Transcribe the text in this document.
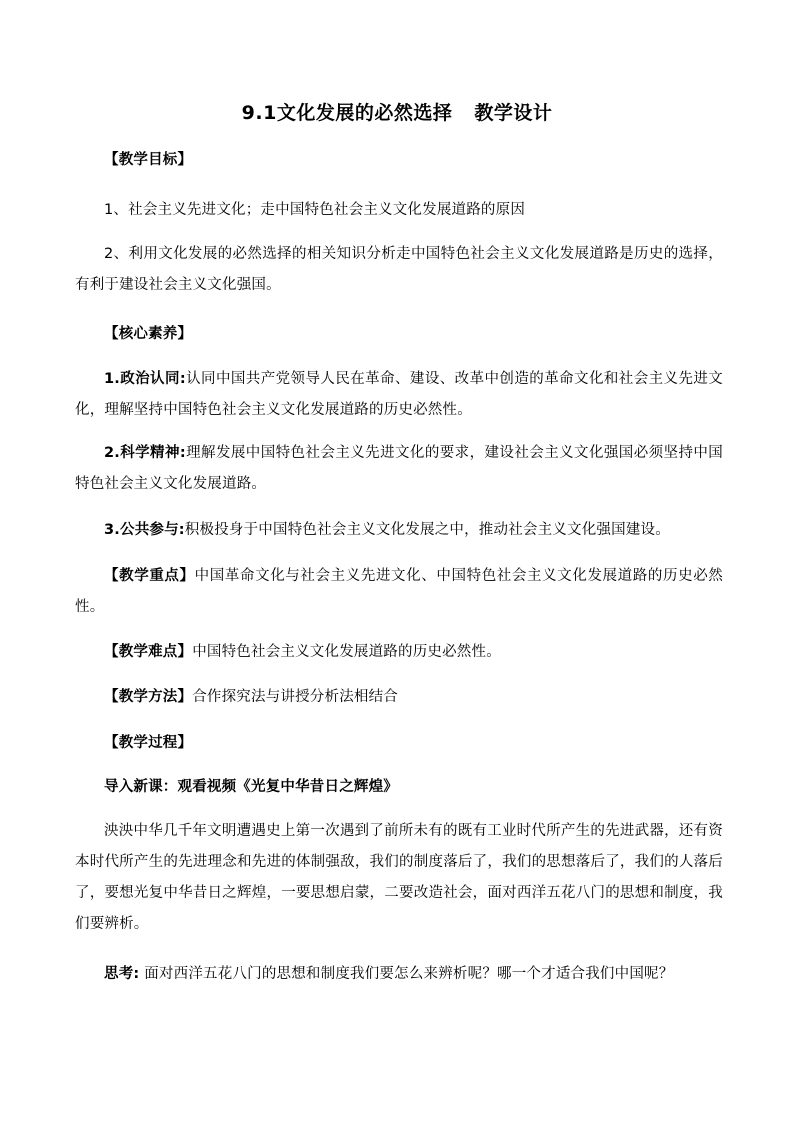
9.1文化发展的必然选择 教学设计
【教学目标】
1、社会主义先进文化；走中国特色社会主义文化发展道路的原因
2、利用文化发展的必然选择的相关知识分析走中国特色社会主义文化发展道路是历史的选择，有利于建设社会主义文化强国。
【核心素养】
1.政治认同:认同中国共产党领导人民在革命、建设、改革中创造的革命文化和社会主义先进文化，理解坚持中国特色社会主义文化发展道路的历史必然性。
2.科学精神:理解发展中国特色社会主义先进文化的要求，建设社会主义文化强国必须坚持中国特色社会主义文化发展道路。
3.公共参与:积极投身于中国特色社会主义文化发展之中，推动社会主义文化强国建设。
【教学重点】中国革命文化与社会主义先进文化、中国特色社会主义文化发展道路的历史必然性。
【教学难点】中国特色社会主义文化发展道路的历史必然性。
【教学方法】合作探究法与讲授分析法相结合
【教学过程】
导入新课：观看视频《光复中华昔日之辉煌》
泱泱中华几千年文明遭遇史上第一次遇到了前所未有的既有工业时代所产生的先进武器，还有资本时代所产生的先进理念和先进的体制强敌，我们的制度落后了，我们的思想落后了，我们的人落后了，要想光复中华昔日之辉煌，一要思想启蒙，二要改造社会，面对西洋五花八门的思想和制度，我们要辨析。
思考: 面对西洋五花八门的思想和制度我们要怎么来辨析呢？哪一个才适合我们中国呢？
